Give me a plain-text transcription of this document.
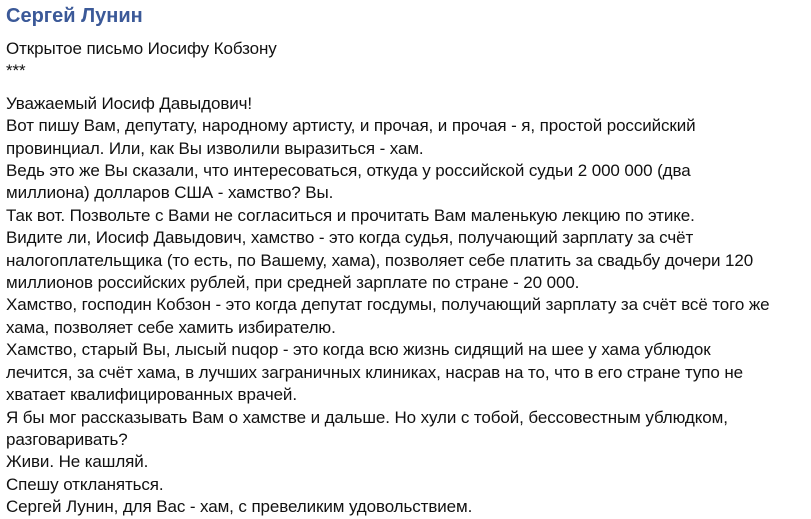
Сергей Лунин
Открытое письмо Иосифу Кобзону
***
Уважаемый Иосиф Давыдович!
Вот пишу Вам, депутату, народному артисту, и прочая, и прочая - я, простой российский
провинциал. Или, как Вы изволили выразиться - хам.
Ведь это же Вы сказали, что интересоваться, откуда у российской судьи 2 000 000 (два
миллиона) долларов США - хамство? Вы.
Так вот. Позвольте с Вами не согласиться и прочитать Вам маленькую лекцию по этике.
Видите ли, Иосиф Давыдович, хамство - это когда судья, получающий зарплату за счёт
налогоплательщика (то есть, по Вашему, хама), позволяет себе платить за свадьбу дочери 120
миллионов российских рублей, при средней зарплате по стране - 20 000.
Хамство, господин Кобзон - это когда депутат госдумы, получающий зарплату за счёт всё того же
хама, позволяет себе хамить избирателю.
Хамство, старый Вы, лысый nuqop - это когда всю жизнь сидящий на шее у хама ублюдок
лечится, за счёт хама, в лучших заграничных клиниках, насрав на то, что в его стране тупо не
хватает квалифицированных врачей.
Я бы мог рассказывать Вам о хамстве и дальше. Но хули с тобой, бессовестным ублюдком,
разговаривать?
Живи. Не кашляй.
Спешу откланяться.
Сергей Лунин, для Вас - хам, с превеликим удовольствием.
